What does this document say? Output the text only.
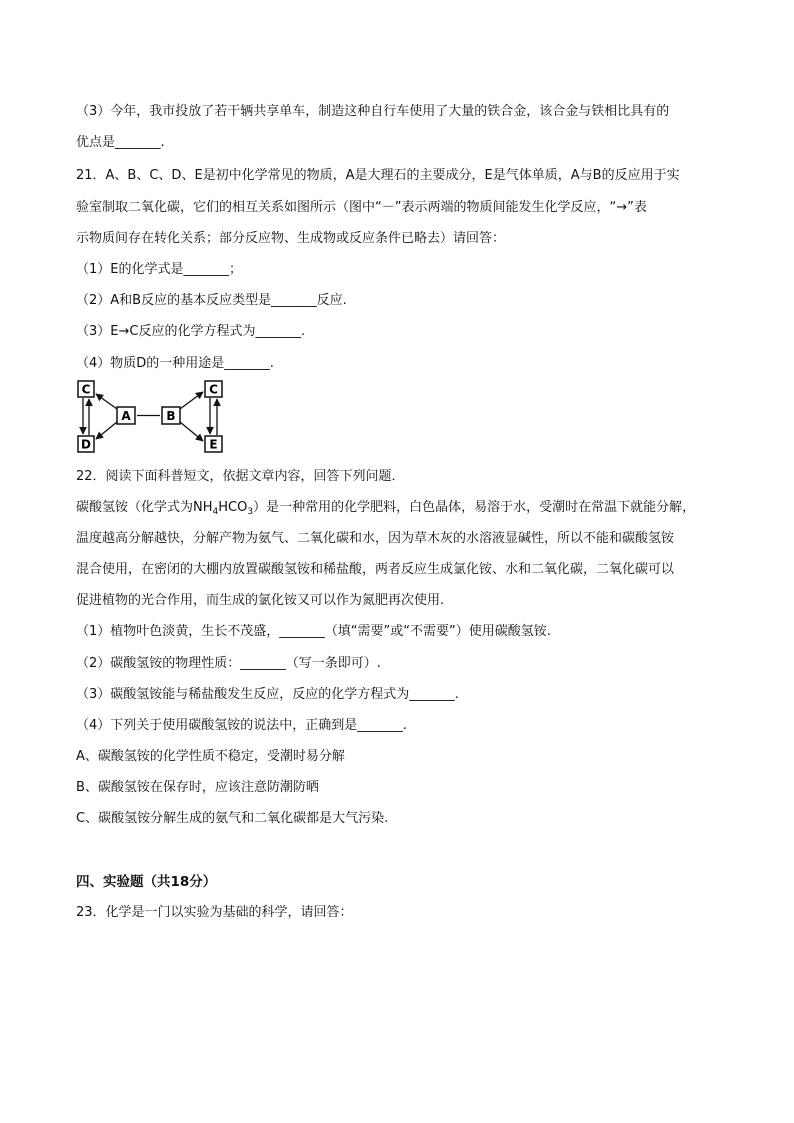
（3）今年，我市投放了若干辆共享单车，制造这种自行车使用了大量的铁合金，该合金与铁相比具有的
优点是_______.
21．A、B、C、D、E是初中化学常见的物质，A是大理石的主要成分，E是气体单质，A与B的反应用于实
验室制取二氧化碳，它们的相互关系如图所示（图中“－”表示两端的物质间能发生化学反应，“→”表
示物质间存在转化关系；部分反应物、生成物或反应条件已略去）请回答：
（1）E的化学式是_______；
（2）A和B反应的基本反应类型是_______反应.
（3）E→C反应的化学方程式为_______.
（4）物质D的一种用途是_______.
C
D
A	B
C
E
22．阅读下面科普短文，依据文章内容，回答下列问题．
碳酸氢铵（化学式为$NH_4HCO_3$）是一种常用的化学肥料，白色晶体，易溶于水，受潮时在常温下就能分解，
温度越高分解越快，分解产物为氨气、二氧化碳和水，因为草木灰的水溶液显碱性，所以不能和碳酸氢铵
混合使用，在密闭的大棚内放置碳酸氢铵和稀盐酸，两者反应生成氯化铵、水和二氧化碳，二氧化碳可以
促进植物的光合作用，而生成的氯化铵又可以作为氮肥再次使用.
（1）植物叶色淡黄，生长不茂盛，_______（填“需要”或“不需要”）使用碳酸氢铵.
（2）碳酸氢铵的物理性质：_______（写一条即可）.
（3）碳酸氢铵能与稀盐酸发生反应，反应的化学方程式为_______.
（4）下列关于使用碳酸氢铵的说法中，正确到是_______.
A、碳酸氢铵的化学性质不稳定，受潮时易分解
B、碳酸氢铵在保存时，应该注意防潮防晒
C、碳酸氢铵分解生成的氨气和二氧化碳都是大气污染.
四、实验题（共18分）
23．化学是一门以实验为基础的科学，请回答：
